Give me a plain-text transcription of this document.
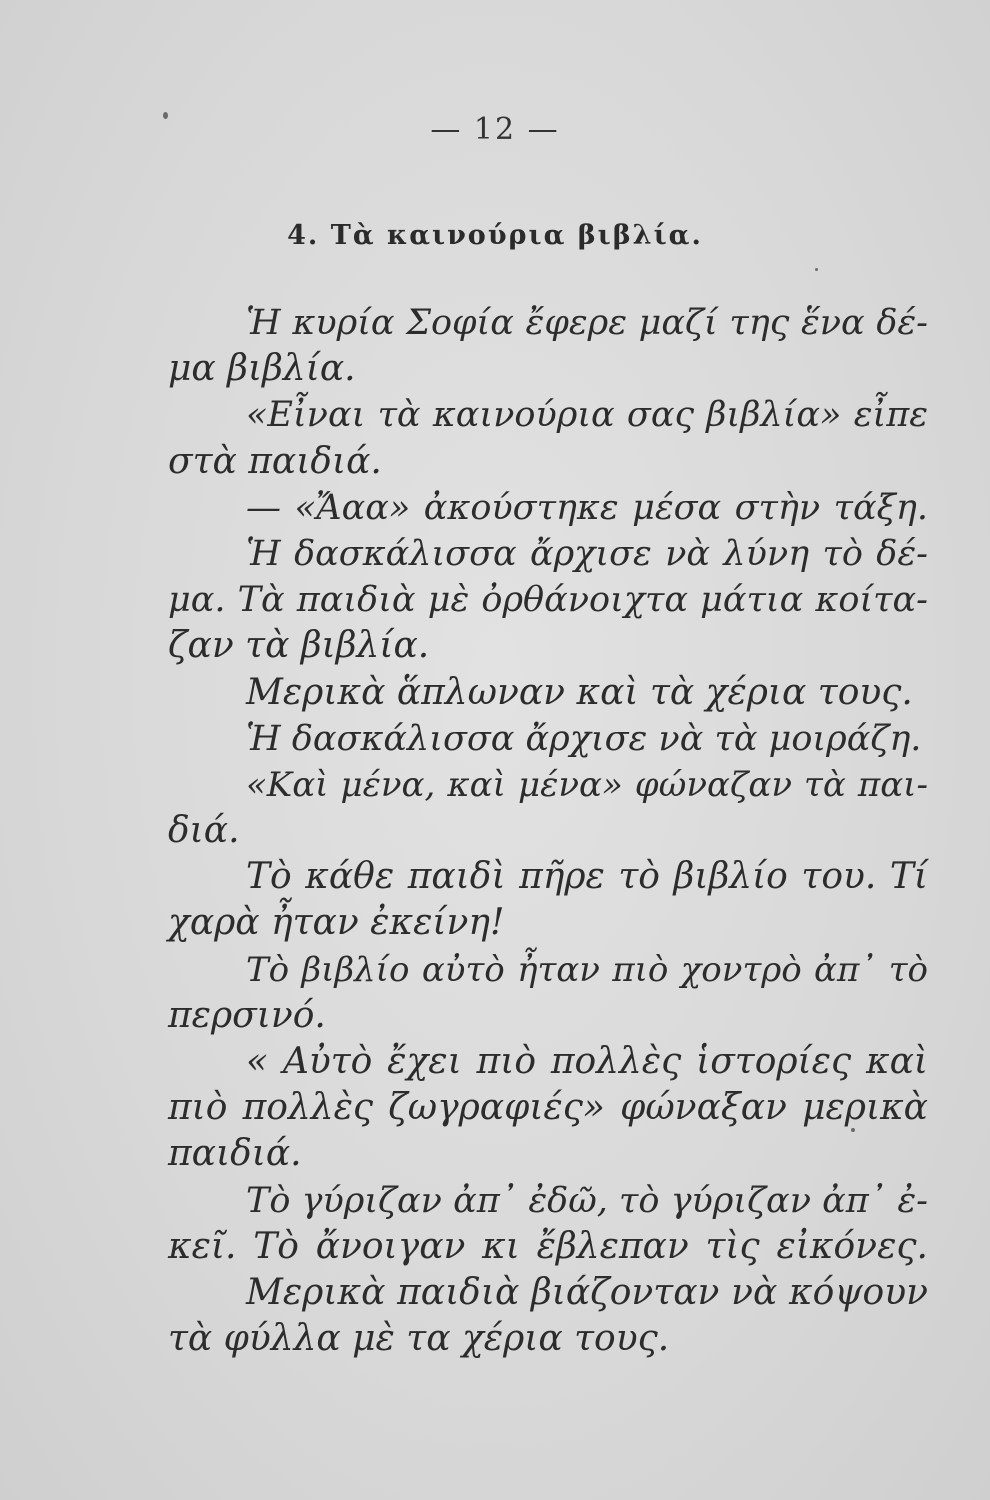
— 12 —
4. Τὰ καινούρια βιβλία.
Ἡ κυρία Σοφία ἔφερε μαζί της ἕνα δέ-
μα βιβλία.
«Εἶναι τὰ καινούρια σας βιβλία» εἶπε
στὰ παιδιά.
— «Ἄαα» ἀκούστηκε μέσα στὴν τάξη.
Ἡ δασκάλισσα ἄρχισε νὰ λύνη τὸ δέ-
μα. Τὰ παιδιὰ μὲ ὀρθάνοιχτα μάτια κοίτα-
ζαν τὰ βιβλία.
Μερικὰ ἅπλωναν καὶ τὰ χέρια τους.
Ἡ δασκάλισσα ἄρχισε νὰ τὰ μοιράζη.
«Καὶ μένα, καὶ μένα» φώναζαν τὰ παι-
διά.
Τὸ κάθε παιδὶ πῆρε τὸ βιβλίο του. Τί
χαρὰ ἦταν ἐκείνη!
Τὸ βιβλίο αὐτὸ ἦταν πιὸ χοντρὸ ἀπ᾽ τὸ
περσινό.
« Αὐτὸ ἔχει πιὸ πολλὲς ἱστορίες καὶ
πιὸ πολλὲς ζωγραφιές» φώναξαν μερικὰ
παιδιά.
Τὸ γύριζαν ἀπ᾽ ἐδῶ, τὸ γύριζαν ἀπ᾽ ἐ-
κεῖ. Τὸ ἄνοιγαν κι ἔβλεπαν τὶς εἰκόνες.
Μερικὰ παιδιὰ βιάζονταν νὰ κόψουν
τὰ φύλλα μὲ τα χέρια τους.
